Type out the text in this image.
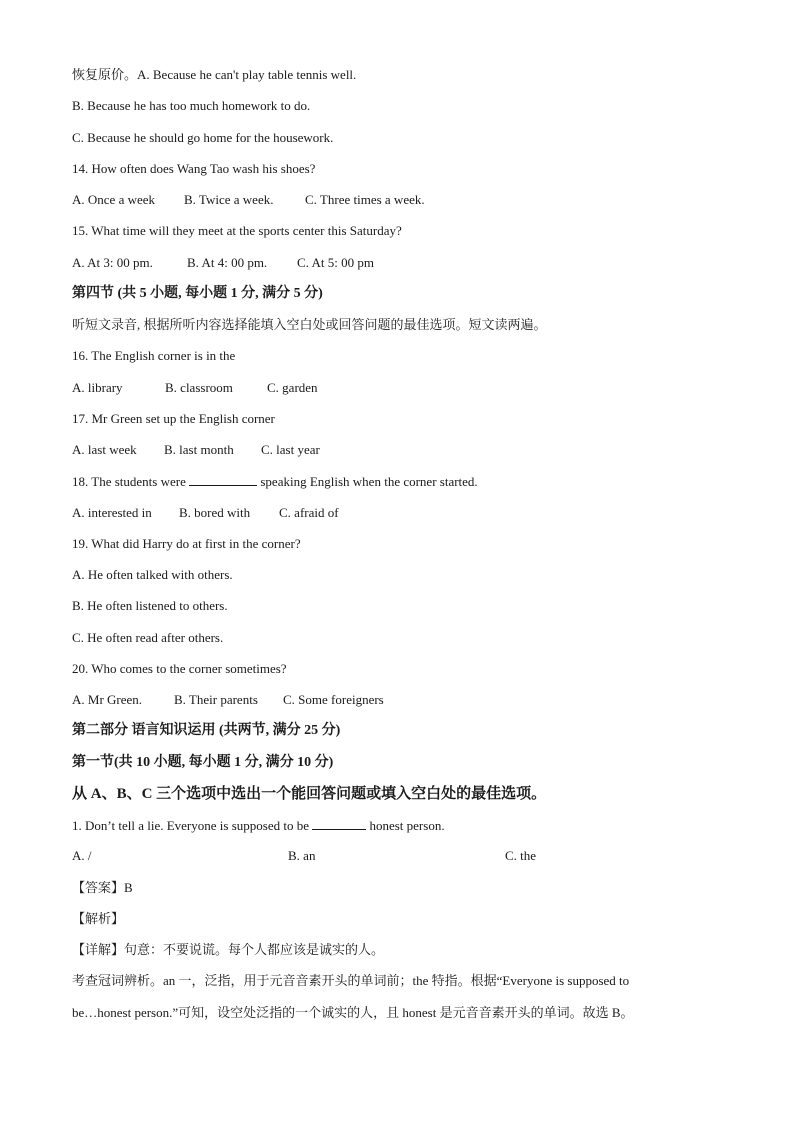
恢复原价。A. Because he can't play table tennis well.
B. Because he has too much homework to do.
C. Because he should go home for the housework.
14. How often does Wang Tao wash his shoes?
A. Once a week B. Twice a week. C. Three times a week.
15. What time will they meet at the sports center this Saturday?
A. At 3: 00 pm.	B. At 4: 00 pm. C. At 5: 00 pm
第四节 (共 5 小题, 每小题 1 分, 满分 5 分)
听短文录音, 根据所听内容选择能填入空白处或回答问题的最佳选项。短文读两遍。
16. The English corner is in the
A. library	B. classroom	C. garden
17. Mr Green set up the English corner
A. last week B. last month C. last year
18. The students were	speaking English when the corner started.
A. interested in B. bored with C. afraid of
19. What did Harry do at first in the corner?
A. He often talked with others.
B. He often listened to others.
C. He often read after others.
20. Who comes to the corner sometimes?
A. Mr Green. B. Their parents C. Some foreigners
第二部分 语言知识运用 (共两节, 满分 25 分)
第一节(共 10 小题, 每小题 1 分, 满分 10 分)
从 A、B、C 三个选项中选出一个能回答问题或填入空白处的最佳选项。
1. Don’t tell a lie. Everyone is supposed to be	honest person.
A. /	B. an	C. the
【答案】B
【解析】
【详解】句意：不要说谎。每个人都应该是诚实的人。
考查冠词辨析。an 一，泛指，用于元音音素开头的单词前；the 特指。根据“Everyone is supposed to
be…honest person.”可知，设空处泛指的一个诚实的人，且 honest 是元音音素开头的单词。故选 B。
